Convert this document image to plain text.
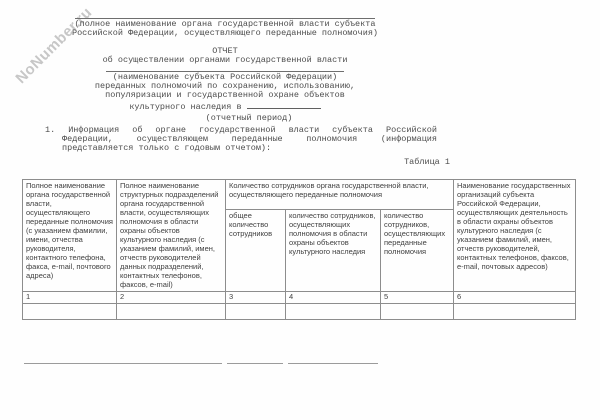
NoNumber.ru
(полное наименование органа государственной власти субъекта
Российской Федерации, осуществляющего переданные полномочия)
ОТЧЕТ
об осуществлении органами государственной власти
(наименование субъекта Российской Федерации)
переданных полномочий по сохранению, использованию,
популяризации и государственной охране объектов
культурного наследия в
(отчетный период)
1. Информация об органе государственной власти субъекта Российской
Федерации, осуществляющем переданные полномочия (информация
представляется только с годовым отчетом):
Таблица 1
Полное наименование органа государственной власти, осуществляющего переданные полномочия (с указанием фамилии, имени, отчества руководителя, контактного телефона, факса, e-mail, почтового адреса)	Полное наименование структурных подразделений органа государственной власти, осуществляющих полномочия в области охраны объектов культурного наследия (с указанием фамилий, имен, отчеств руководителей данных подразделений, контактных телефонов, факсов, e-mail)	Количество сотрудников органа государственной власти, осуществляющего переданные полномочия	Наименование государственных организаций субъекта Российской Федерации, осуществляющих деятельность в области охраны объектов культурного наследия (с указанием фамилий, имен, отчеств руководителей, контактных телефонов, факсов, e-mail, почтовых адресов)
		общее количество сотрудников	количество сотрудников, осуществляющих полномочия в области охраны объектов культурного наследия	количество сотрудников, осуществляющих переданные полномочия	
1	2	3	4	5	6
